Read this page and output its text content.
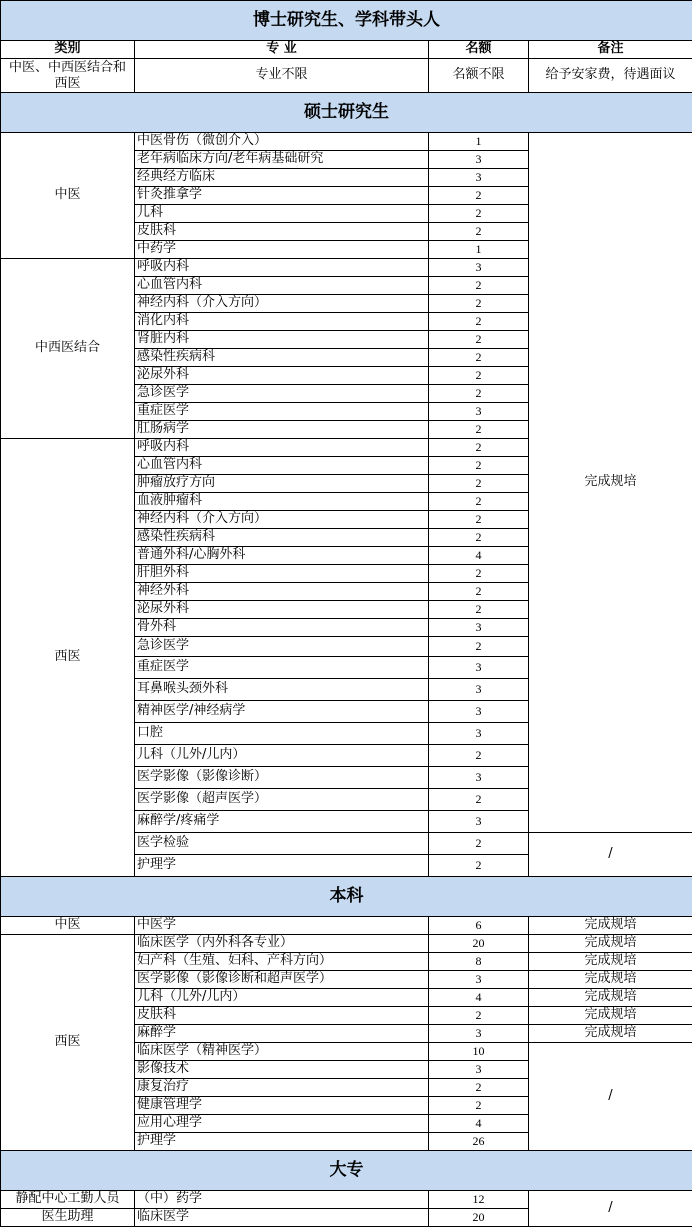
博士研究生、学科带头人			
类别	专 业	名额	备注
中医、中西医结合和西医	专业不限	名额不限	给予安家费，待遇面议
硕士研究生			
中医	中医骨伤（微创介入）	1	完成规培
	老年病临床方向/老年病基础研究	3	
	经典经方临床	3	
	针灸推拿学	2	
	儿科	2	
	皮肤科	2	
	中药学	1	
中西医结合	呼吸内科	3	
	心血管内科	2	
	神经内科（介入方向）	2	
	消化内科	2	
	肾脏内科	2	
	感染性疾病科	2	
	泌尿外科	2	
	急诊医学	2	
	重症医学	3	
	肛肠病学	2	
西医	呼吸内科	2	
	心血管内科	2	
	肿瘤放疗方向	2	
	血液肿瘤科	2	
	神经内科（介入方向）	2	
	感染性疾病科	2	
	普通外科/心胸外科	4	
	肝胆外科	2	
	神经外科	2	
	泌尿外科	2	
	骨外科	3	
	急诊医学	2	
	重症医学	3	
	耳鼻喉头颈外科	3	
	精神医学/神经病学	3	
	口腔	3	
	儿科（儿外/儿内）	2	
	医学影像（影像诊断）	3	
	医学影像（超声医学）	2	
	麻醉学/疼痛学	3	
	医学检验	2	/
	护理学	2	
本科			
中医	中医学	6	完成规培
西医	临床医学（内外科各专业）	20	完成规培
	妇产科（生殖、妇科、产科方向）	8	完成规培
	医学影像（影像诊断和超声医学）	3	完成规培
	儿科（儿外/儿内）	4	完成规培
	皮肤科	2	完成规培
	麻醉学	3	完成规培
	临床医学（精神医学）	10	/
	影像技术	3	
	康复治疗	2	
	健康管理学	2	
	应用心理学	4	
	护理学	26	
大专			
静配中心工勤人员	（中）药学	12	/
医生助理	临床医学	20	
